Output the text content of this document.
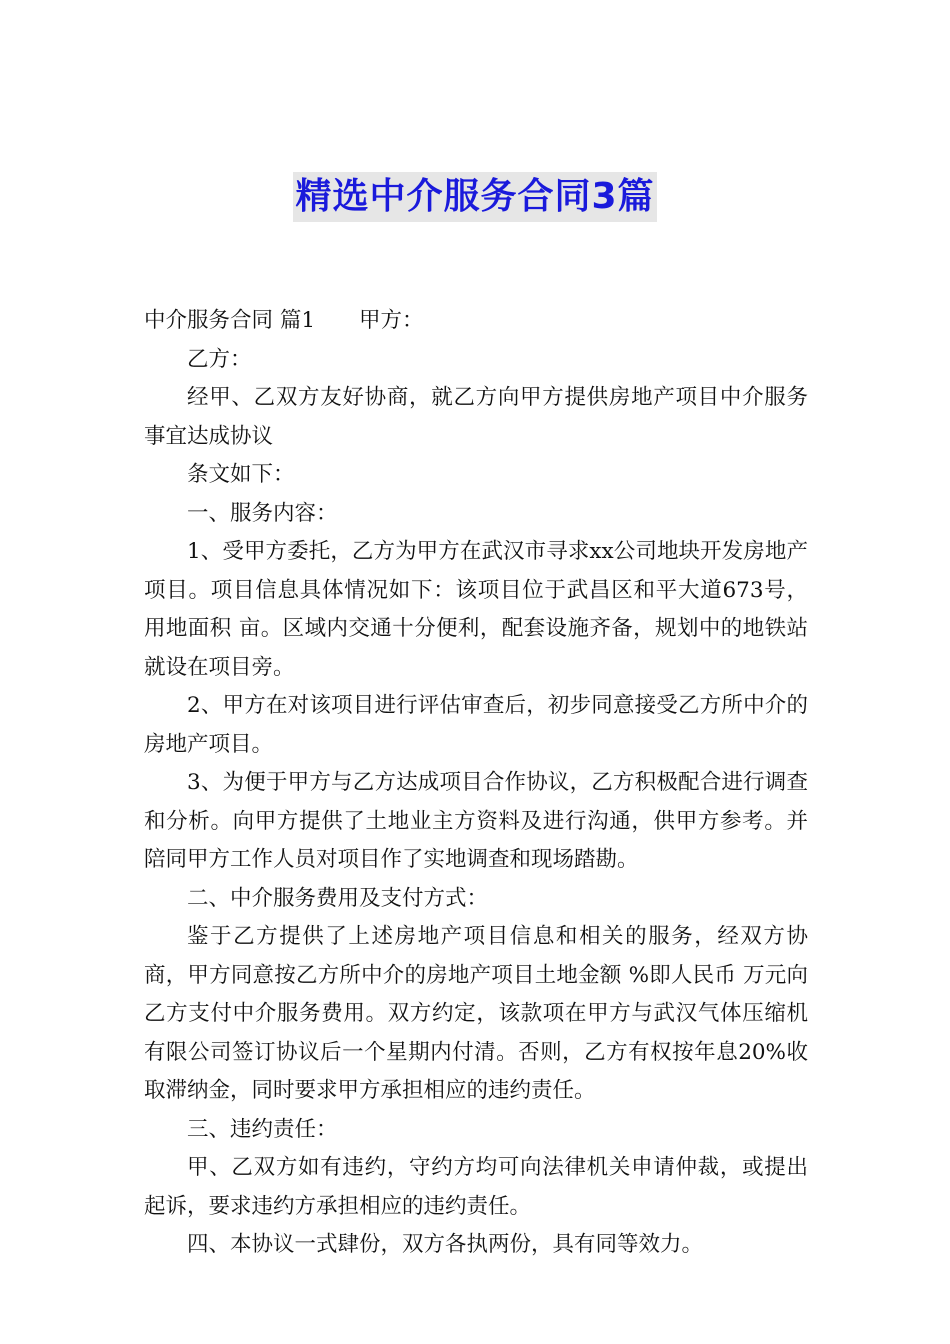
精选中介服务合同3篇

中介服务合同 篇1 甲方：

乙方：

经甲、乙双方友好协商，就乙方向甲方提供房地产项目中介服务事宜达成协议

条文如下：

一、服务内容：

1、受甲方委托，乙方为甲方在武汉市寻求xx公司地块开发房地产项目。项目信息具体情况如下：该项目位于武昌区和平大道673号，用地面积 亩。区域内交通十分便利，配套设施齐备，规划中的地铁站就设在项目旁。

2、甲方在对该项目进行评估审查后，初步同意接受乙方所中介的房地产项目。

3、为便于甲方与乙方达成项目合作协议，乙方积极配合进行调查和分析。向甲方提供了土地业主方资料及进行沟通，供甲方参考。并陪同甲方工作人员对项目作了实地调查和现场踏勘。

二、中介服务费用及支付方式：

鉴于乙方提供了上述房地产项目信息和相关的服务，经双方协商，甲方同意按乙方所中介的房地产项目土地金额 %即人民币 万元向乙方支付中介服务费用。双方约定，该款项在甲方与武汉气体压缩机有限公司签订协议后一个星期内付清。否则，乙方有权按年息20%收取滞纳金，同时要求甲方承担相应的违约责任。

三、违约责任：

甲、乙双方如有违约，守约方均可向法律机关申请仲裁，或提出起诉，要求违约方承担相应的违约责任。

四、本协议一式肆份，双方各执两份，具有同等效力。
